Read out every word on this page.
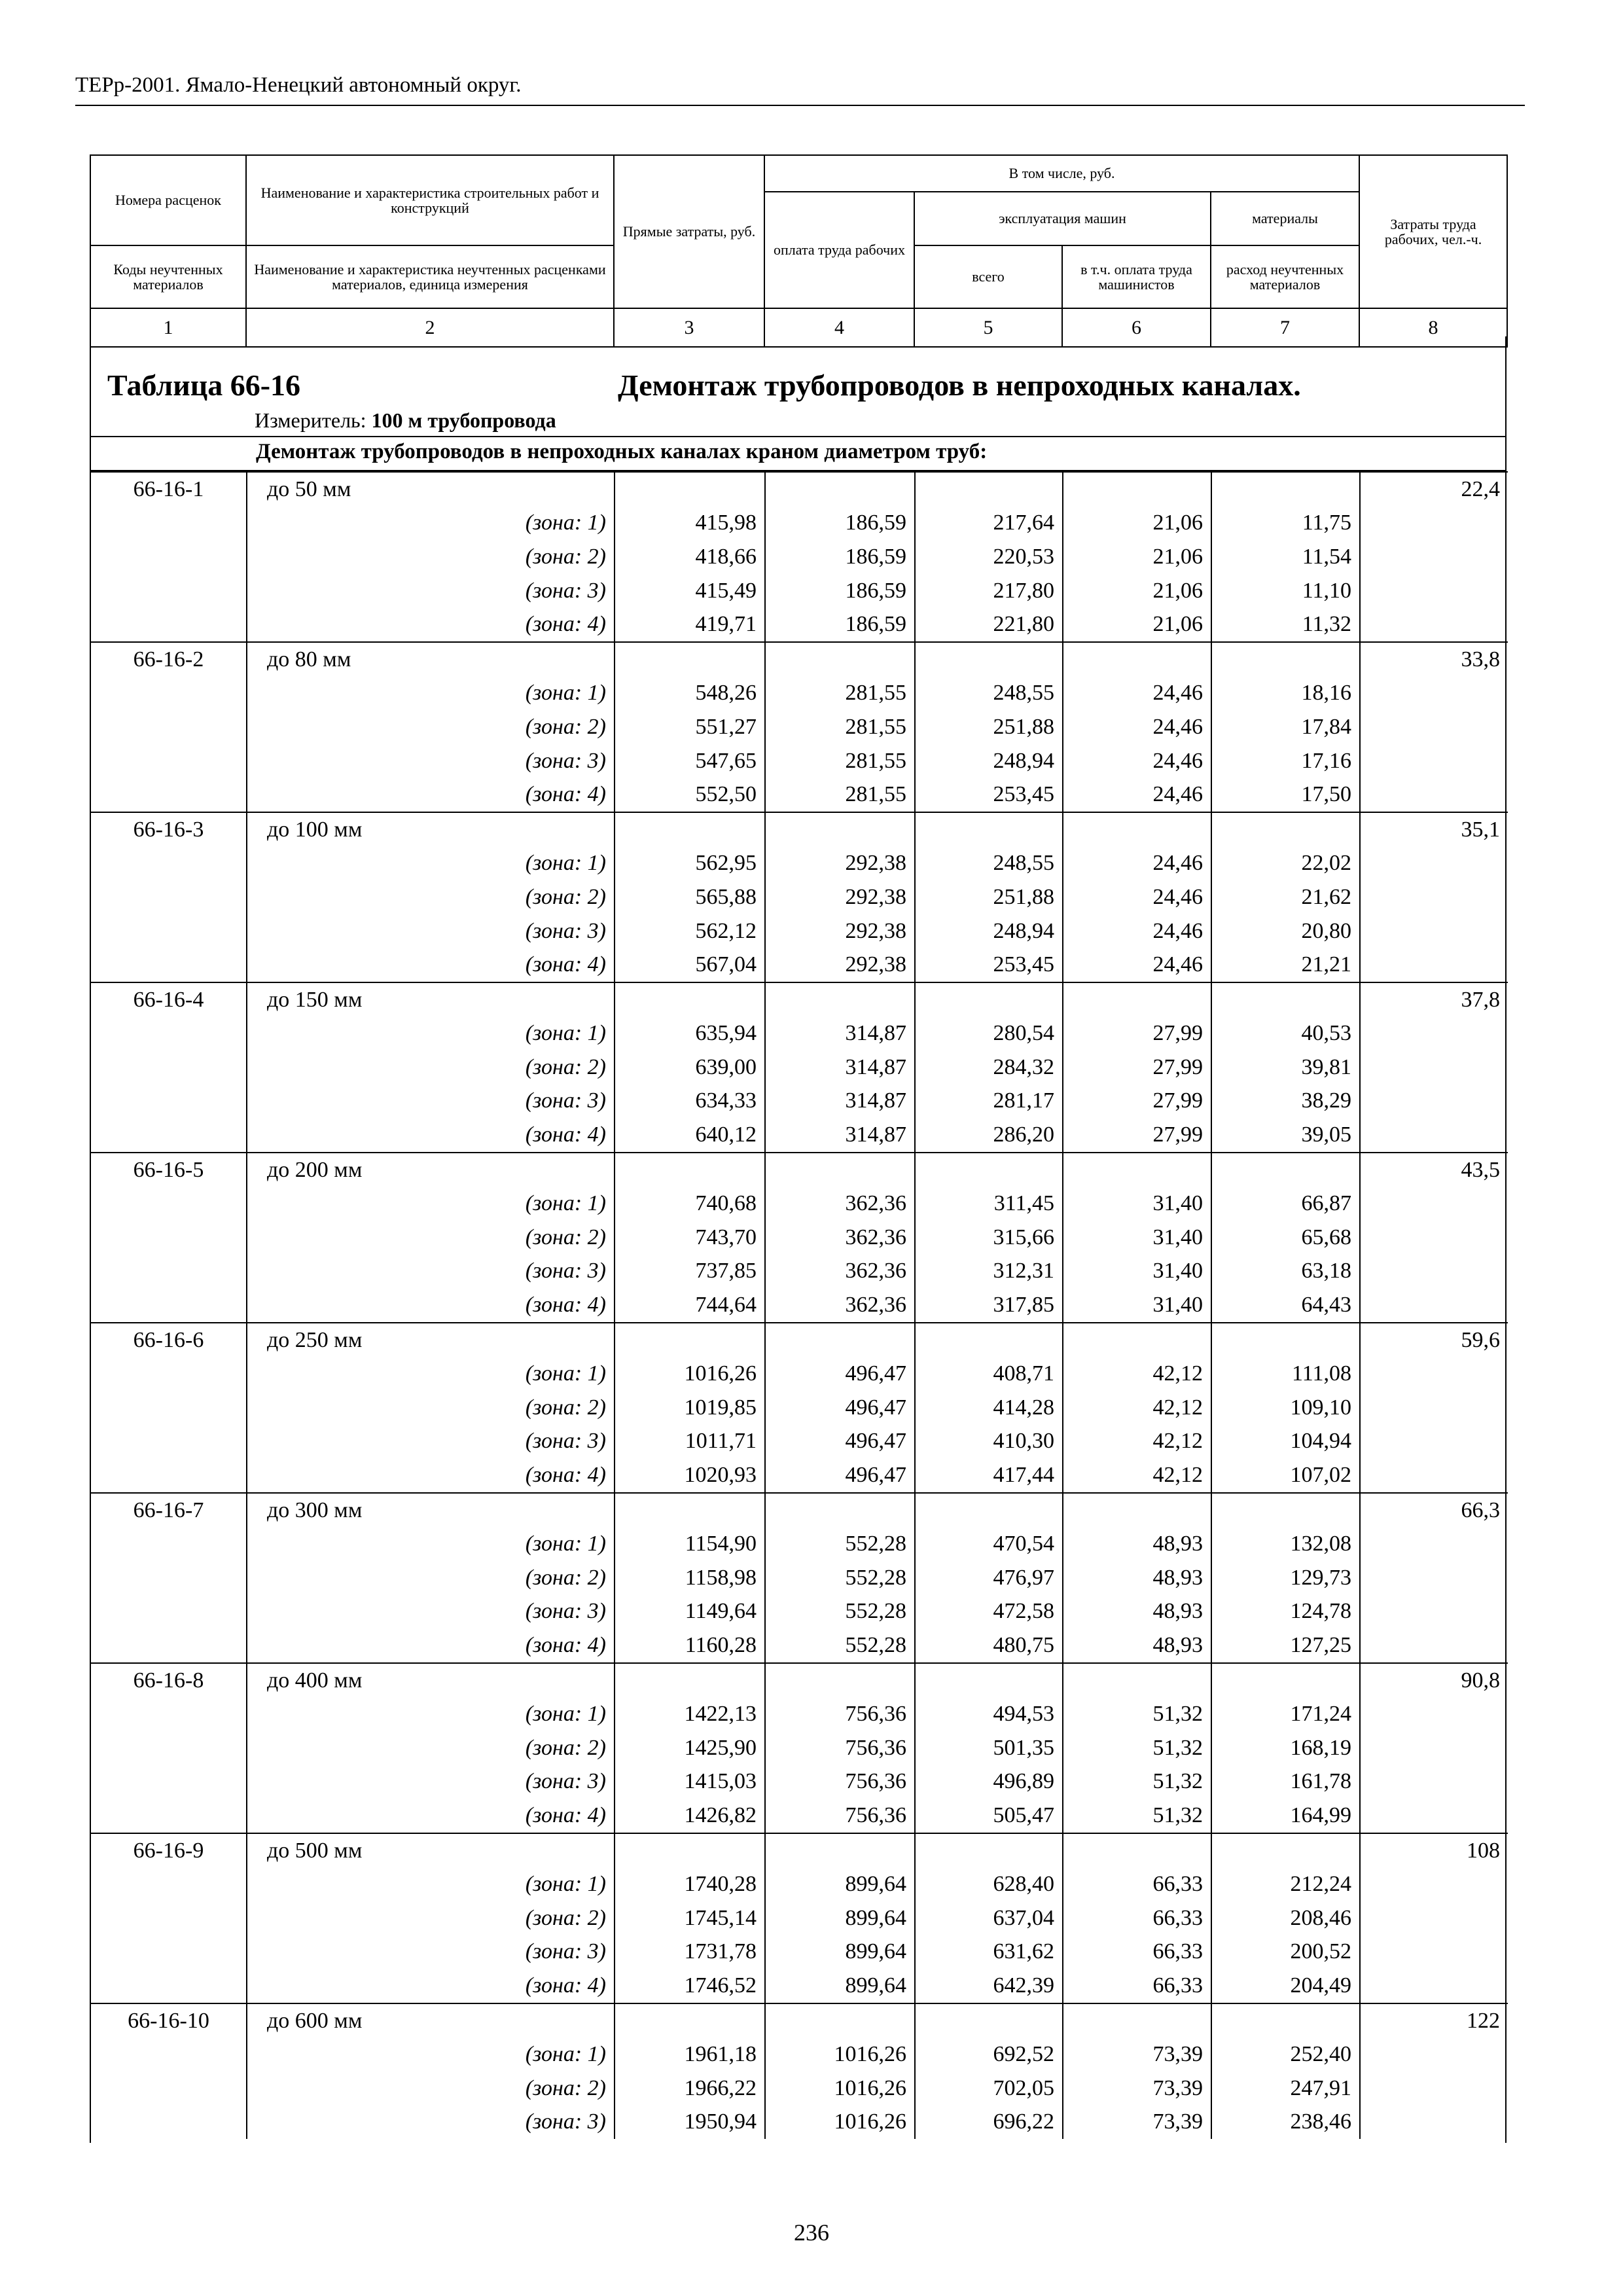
ТЕРр-2001. Ямало-Ненецкий автономный округ.
Номера расценок	Наименование и характеристика строительных работ и конструкций	Прямые затраты, руб.	В том числе, руб.				Затраты труда рабочих, чел.-ч.
			оплата труда рабочих	эксплуатация машин		материалы	
Коды неучтенных материалов	Наименование и характеристика неучтенных расценками материалов, единица измерения			всего	в т.ч. оплата труда машинистов	расход неучтенных материалов	
1	2	3	4	5	6	7	8
Таблица 66-16	Демонтаж трубопроводов в непроходных каналах.
Измеритель: 100 м трубопровода
Демонтаж трубопроводов в непроходных каналах краном диаметром труб:
66-16-1	до 50 мм						22,4
	(зона: 1)	415,98	186,59	217,64	21,06	11,75	
	(зона: 2)	418,66	186,59	220,53	21,06	11,54	
	(зона: 3)	415,49	186,59	217,80	21,06	11,10	
	(зона: 4)	419,71	186,59	221,80	21,06	11,32	
66-16-2	до 80 мм						33,8
	(зона: 1)	548,26	281,55	248,55	24,46	18,16	
	(зона: 2)	551,27	281,55	251,88	24,46	17,84	
	(зона: 3)	547,65	281,55	248,94	24,46	17,16	
	(зона: 4)	552,50	281,55	253,45	24,46	17,50	
66-16-3	до 100 мм						35,1
	(зона: 1)	562,95	292,38	248,55	24,46	22,02	
	(зона: 2)	565,88	292,38	251,88	24,46	21,62	
	(зона: 3)	562,12	292,38	248,94	24,46	20,80	
	(зона: 4)	567,04	292,38	253,45	24,46	21,21	
66-16-4	до 150 мм						37,8
	(зона: 1)	635,94	314,87	280,54	27,99	40,53	
	(зона: 2)	639,00	314,87	284,32	27,99	39,81	
	(зона: 3)	634,33	314,87	281,17	27,99	38,29	
	(зона: 4)	640,12	314,87	286,20	27,99	39,05	
66-16-5	до 200 мм						43,5
	(зона: 1)	740,68	362,36	311,45	31,40	66,87	
	(зона: 2)	743,70	362,36	315,66	31,40	65,68	
	(зона: 3)	737,85	362,36	312,31	31,40	63,18	
	(зона: 4)	744,64	362,36	317,85	31,40	64,43	
66-16-6	до 250 мм						59,6
	(зона: 1)	1016,26	496,47	408,71	42,12	111,08	
	(зона: 2)	1019,85	496,47	414,28	42,12	109,10	
	(зона: 3)	1011,71	496,47	410,30	42,12	104,94	
	(зона: 4)	1020,93	496,47	417,44	42,12	107,02	
66-16-7	до 300 мм						66,3
	(зона: 1)	1154,90	552,28	470,54	48,93	132,08	
	(зона: 2)	1158,98	552,28	476,97	48,93	129,73	
	(зона: 3)	1149,64	552,28	472,58	48,93	124,78	
	(зона: 4)	1160,28	552,28	480,75	48,93	127,25	
66-16-8	до 400 мм						90,8
	(зона: 1)	1422,13	756,36	494,53	51,32	171,24	
	(зона: 2)	1425,90	756,36	501,35	51,32	168,19	
	(зона: 3)	1415,03	756,36	496,89	51,32	161,78	
	(зона: 4)	1426,82	756,36	505,47	51,32	164,99	
66-16-9	до 500 мм						108
	(зона: 1)	1740,28	899,64	628,40	66,33	212,24	
	(зона: 2)	1745,14	899,64	637,04	66,33	208,46	
	(зона: 3)	1731,78	899,64	631,62	66,33	200,52	
	(зона: 4)	1746,52	899,64	642,39	66,33	204,49	
66-16-10	до 600 мм						122
	(зона: 1)	1961,18	1016,26	692,52	73,39	252,40	
	(зона: 2)	1966,22	1016,26	702,05	73,39	247,91	
	(зона: 3)	1950,94	1016,26	696,22	73,39	238,46	
236
